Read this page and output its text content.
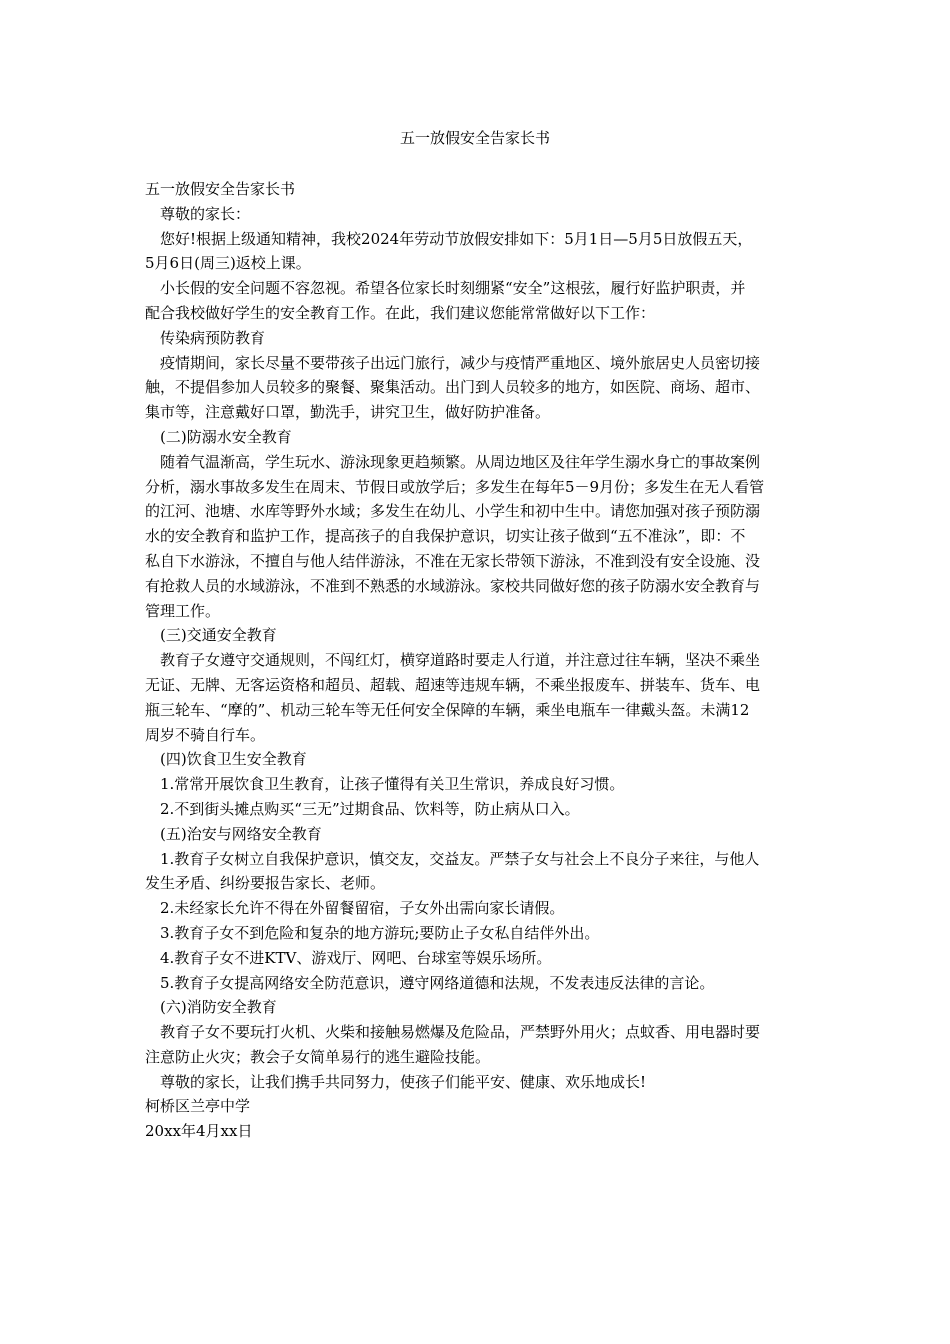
五一放假安全告家长书

五一放假安全告家长书

尊敬的家长：

您好!根据上级通知精神，我校2024年劳动节放假安排如下：5月1日—5月5日放假五天，

5月6日(周三)返校上课。

小长假的安全问题不容忽视。希望各位家长时刻绷紧“安全”这根弦，履行好监护职责，并

配合我校做好学生的安全教育工作。在此，我们建议您能常常做好以下工作：

传染病预防教育

疫情期间，家长尽量不要带孩子出远门旅行，减少与疫情严重地区、境外旅居史人员密切接

触，不提倡参加人员较多的聚餐、聚集活动。出门到人员较多的地方，如医院、商场、超市、

集市等，注意戴好口罩，勤洗手，讲究卫生，做好防护准备。

(二)防溺水安全教育

随着气温渐高，学生玩水、游泳现象更趋频繁。从周边地区及往年学生溺水身亡的事故案例

分析，溺水事故多发生在周末、节假日或放学后；多发生在每年5－9月份；多发生在无人看管

的江河、池塘、水库等野外水域；多发生在幼儿、小学生和初中生中。请您加强对孩子预防溺

水的安全教育和监护工作，提高孩子的自我保护意识，切实让孩子做到“五不准泳”，即：不

私自下水游泳，不擅自与他人结伴游泳，不准在无家长带领下游泳，不准到没有安全设施、没

有抢救人员的水域游泳，不准到不熟悉的水域游泳。家校共同做好您的孩子防溺水安全教育与

管理工作。

(三)交通安全教育

教育子女遵守交通规则，不闯红灯，横穿道路时要走人行道，并注意过往车辆，坚决不乘坐

无证、无牌、无客运资格和超员、超载、超速等违规车辆，不乘坐报废车、拼装车、货车、电

瓶三轮车、“摩的”、机动三轮车等无任何安全保障的车辆，乘坐电瓶车一律戴头盔。未满12

周岁不骑自行车。

(四)饮食卫生安全教育

1.常常开展饮食卫生教育，让孩子懂得有关卫生常识，养成良好习惯。

2.不到街头摊点购买“三无”过期食品、饮料等，防止病从口入。

(五)治安与网络安全教育

1.教育子女树立自我保护意识，慎交友，交益友。严禁子女与社会上不良分子来往，与他人

发生矛盾、纠纷要报告家长、老师。

2.未经家长允许不得在外留餐留宿，子女外出需向家长请假。

3.教育子女不到危险和复杂的地方游玩;要防止子女私自结伴外出。

4.教育子女不进KTV、游戏厅、网吧、台球室等娱乐场所。

5.教育子女提高网络安全防范意识，遵守网络道德和法规，不发表违反法律的言论。

(六)消防安全教育

教育子女不要玩打火机、火柴和接触易燃爆及危险品，严禁野外用火；点蚊香、用电器时要

注意防止火灾；教会子女简单易行的逃生避险技能。

尊敬的家长，让我们携手共同努力，使孩子们能平安、健康、欢乐地成长!

柯桥区兰亭中学

20xx年4月xx日
